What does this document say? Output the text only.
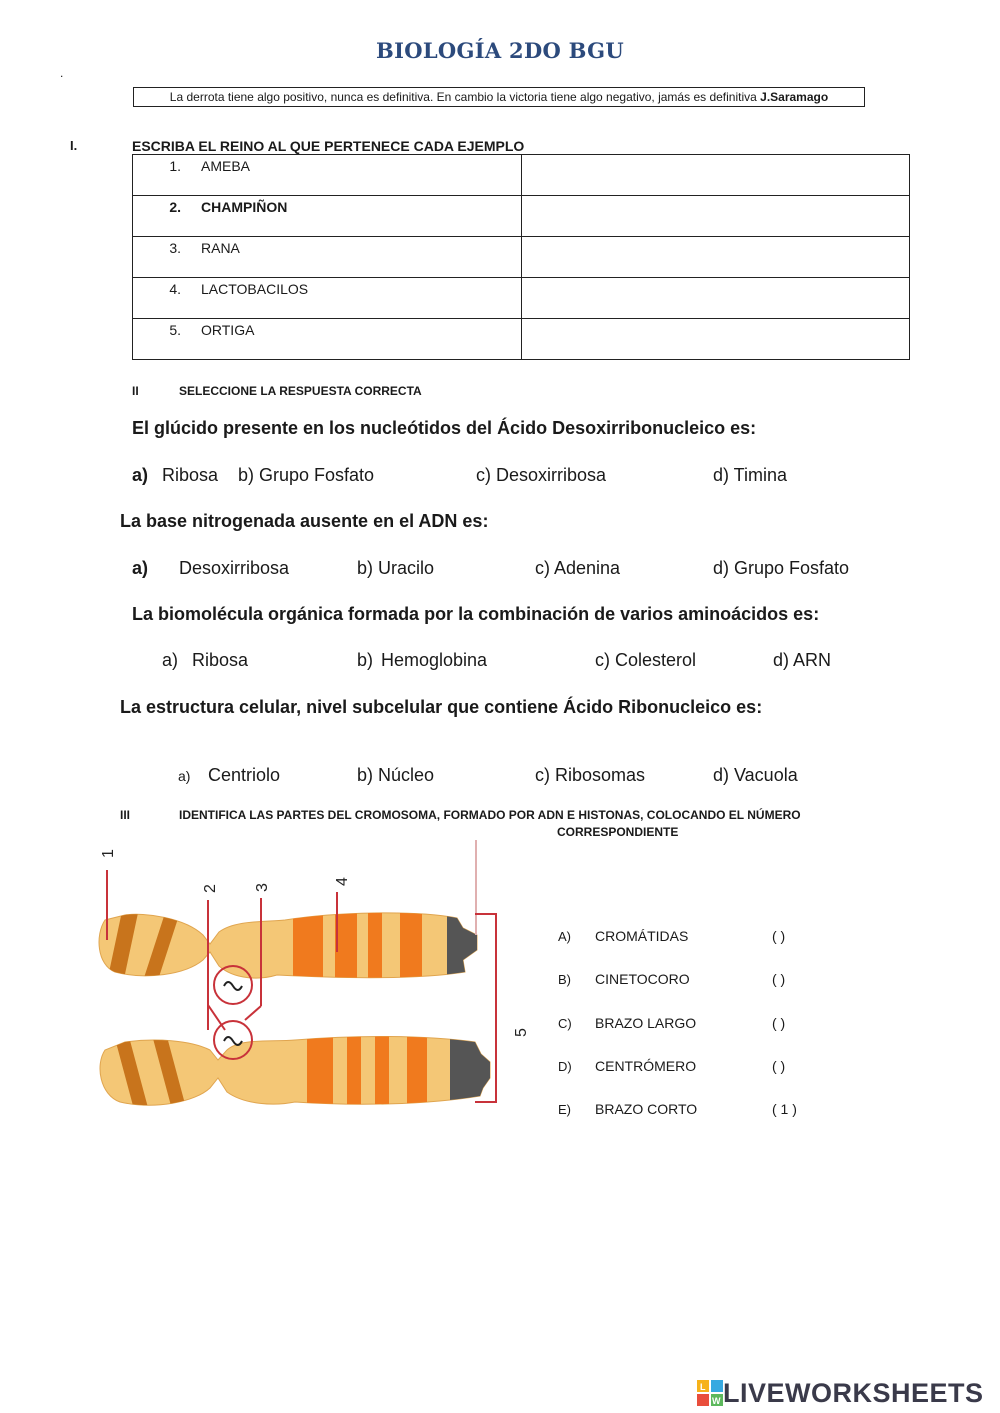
BIOLOGÍA 2DO BGU
.
La derrota tiene algo positivo, nunca es definitiva. En cambio la victoria tiene algo negativo, jamás es definitiva J.Saramago
I.	ESCRIBA EL REINO AL QUE PERTENECE CADA EJEMPLO
1. AMEBA	
2. CHAMPIÑON	
3. RANA	
4. LACTOBACILOS	
5. ORTIGA	
II	SELECCIONE LA RESPUESTA CORRECTA
El glúcido presente en los nucleótidos del Ácido Desoxirribonucleico es:
a) Ribosa b) Grupo Fosfato	c) Desoxirribosa	d) Timina
La base nitrogenada ausente en el ADN es:
a) Desoxirribosa	b) Uracilo	c) Adenina	d) Grupo Fosfato
La biomolécula orgánica formada por la combinación de varios aminoácidos es:
a) Ribosa	b) Hemoglobina	c) Colesterol	d) ARN
La estructura celular, nivel subcelular que contiene Ácido Ribonucleico es:
a) Centriolo	b) Núcleo	c) Ribosomas	d) Vacuola
III	IDENTIFICA LAS PARTES DEL CROMOSOMA, FORMADO POR ADN E HISTONAS, COLOCANDO EL NÚMERO
CORRESPONDIENTE
1
2 3
4
5
A) CROMÁTIDAS	( )
B) CINETOCORO	( )
C) BRAZO LARGO	( )
D) CENTRÓMERO	( )
E) BRAZO CORTO	( 1 )
L
W LIVEWORKSHEETS
